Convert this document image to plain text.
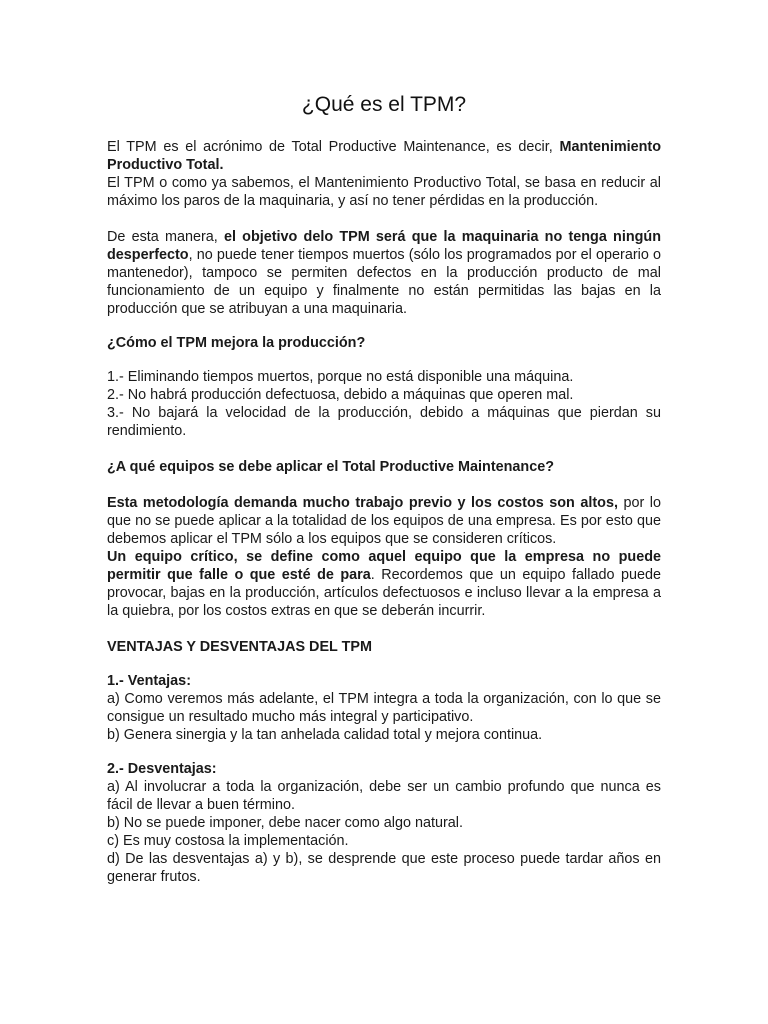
¿Qué es el TPM?

El TPM es el acrónimo de Total Productive Maintenance, es decir, Mantenimiento Productivo Total.

El TPM o como ya sabemos, el Mantenimiento Productivo Total, se basa en reducir al máximo los paros de la maquinaria, y así no tener pérdidas en la producción.

De esta manera, el objetivo delo TPM será que la maquinaria no tenga ningún desperfecto, no puede tener tiempos muertos (sólo los programados por el operario o mantenedor), tampoco se permiten defectos en la producción producto de mal funcionamiento de un equipo y finalmente no están permitidas las bajas en la producción que se atribuyan a una maquinaria.

¿Cómo el TPM mejora la producción?

1.- Eliminando tiempos muertos, porque no está disponible una máquina.

2.- No habrá producción defectuosa, debido a máquinas que operen mal.

3.- No bajará la velocidad de la producción, debido a máquinas que pierdan su rendimiento.

¿A qué equipos se debe aplicar el Total Productive Maintenance?

Esta metodología demanda mucho trabajo previo y los costos son altos, por lo que no se puede aplicar a la totalidad de los equipos de una empresa. Es por esto que debemos aplicar el TPM sólo a los equipos que se consideren críticos.

Un equipo crítico, se define como aquel equipo que la empresa no puede permitir que falle o que esté de para. Recordemos que un equipo fallado puede provocar, bajas en la producción, artículos defectuosos e incluso llevar a la empresa a la quiebra, por los costos extras en que se deberán incurrir.

VENTAJAS Y DESVENTAJAS DEL TPM

1.- Ventajas:

a) Como veremos más adelante, el TPM integra a toda la organización, con lo que se consigue un resultado mucho más integral y participativo.

b) Genera sinergia y la tan anhelada calidad total y mejora continua.

2.- Desventajas:

a) Al involucrar a toda la organización, debe ser un cambio profundo que nunca es fácil de llevar a buen término.

b) No se puede imponer, debe nacer como algo natural.

c) Es muy costosa la implementación.

d) De las desventajas a) y b), se desprende que este proceso puede tardar años en generar frutos.
